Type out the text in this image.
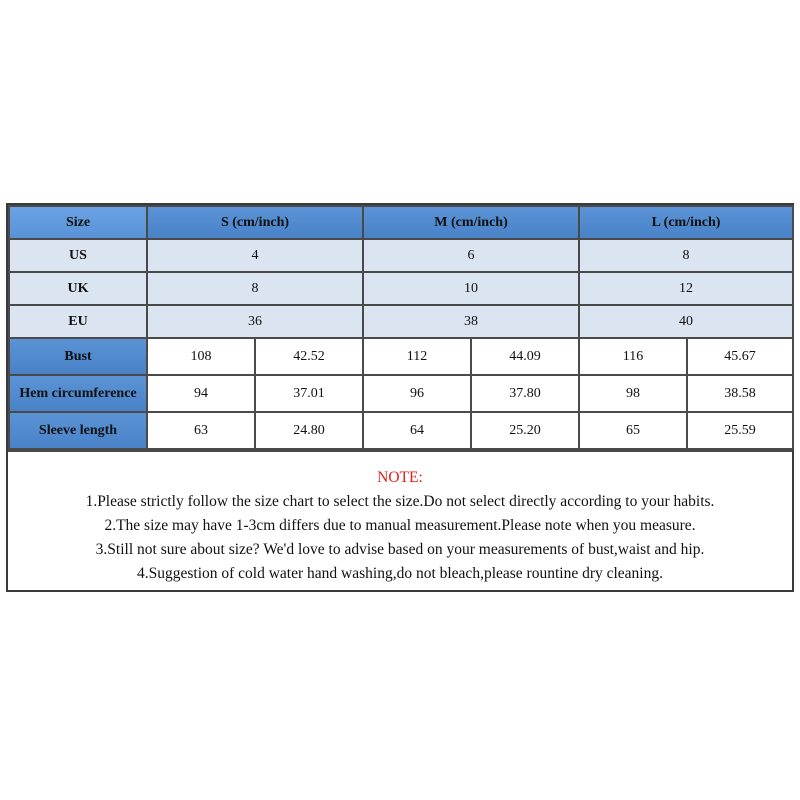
Size	S (cm/inch)		M (cm/inch)		L (cm/inch)	
US	4		6		8	
UK	8		10		12	
EU	36		38		40	
Bust	108	42.52	112	44.09	116	45.67
Hem circumference	94	37.01	96	37.80	98	38.58
Sleeve length	63	24.80	64	25.20	65	25.59
NOTE:
1.Please strictly follow the size chart to select the size.Do not select directly according to your habits.
2.The size may have 1-3cm differs due to manual measurement.Please note when you measure.
3.Still not sure about size? We'd love to advise based on your measurements of bust,waist and hip.
4.Suggestion of cold water hand washing,do not bleach,please rountine dry cleaning.
